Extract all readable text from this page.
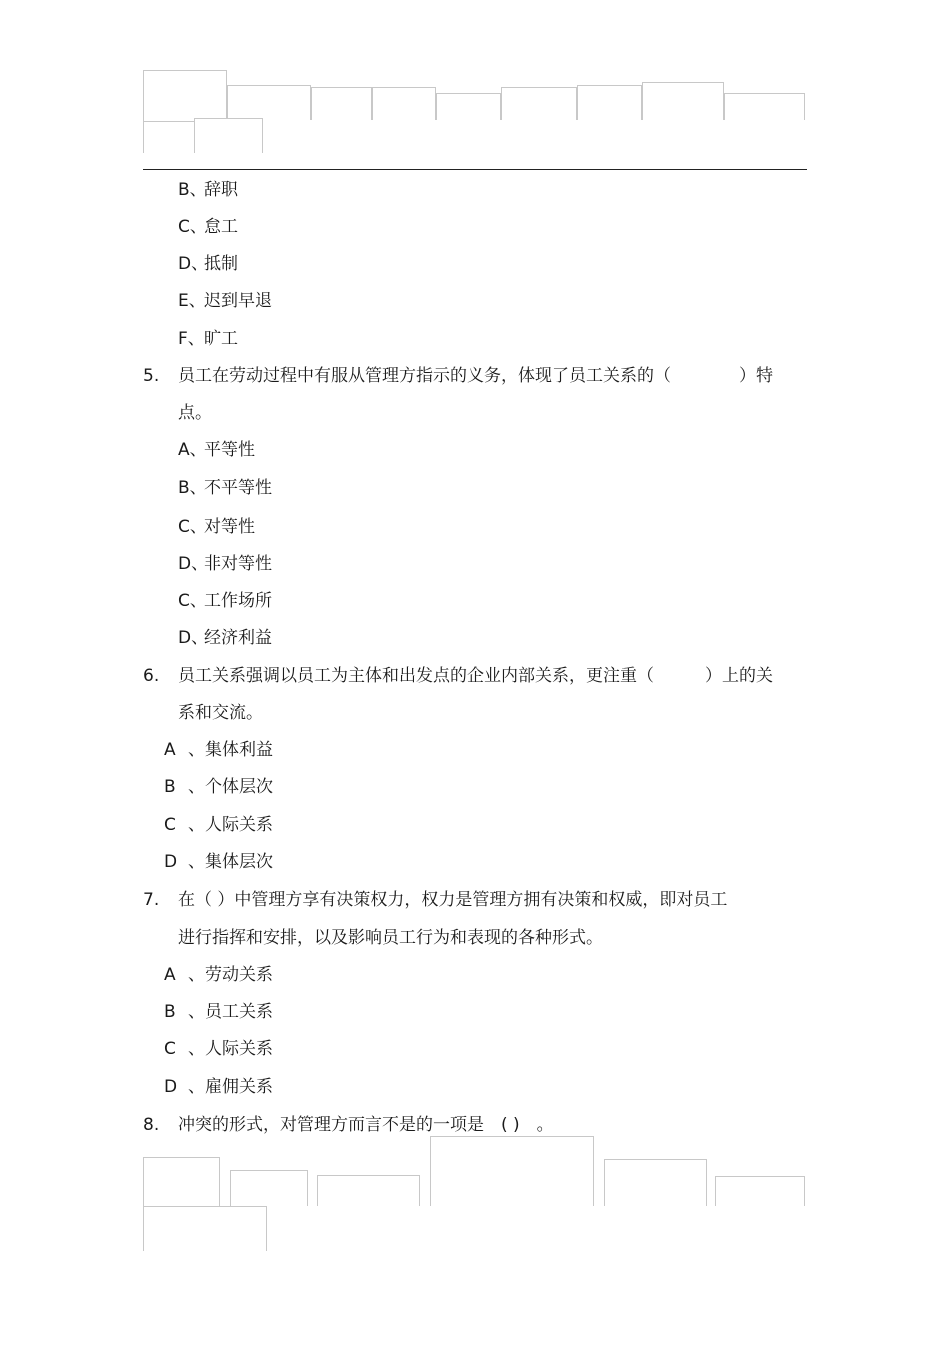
B、
辞职
C、
怠工
D、
抵制
E、
迟到早退
F、 旷工
5. 员工在劳动过程中有服从管理方指示的义务，体现了员工关系的（　　　　）特
点。
A、
平等性
B、
不平等性
C、
对等性
D、
非对等性
C、
工作场所
D、
经济利益
6. 员工关系强调以员工为主体和出发点的企业内部关系，更注重（　　　）上的关
系和交流。
A 、集体利益
B 、个体层次
C 、人际关系
D 、集体层次
7. 在（ ）中管理方享有决策权力，权力是管理方拥有决策和权威，即对员工
进行指挥和安排，以及影响员工行为和表现的各种形式。
A 、劳动关系
B 、员工关系
C 、人际关系
D 、雇佣关系
8. 冲突的形式，对管理方而言不是的一项是　( )　。
